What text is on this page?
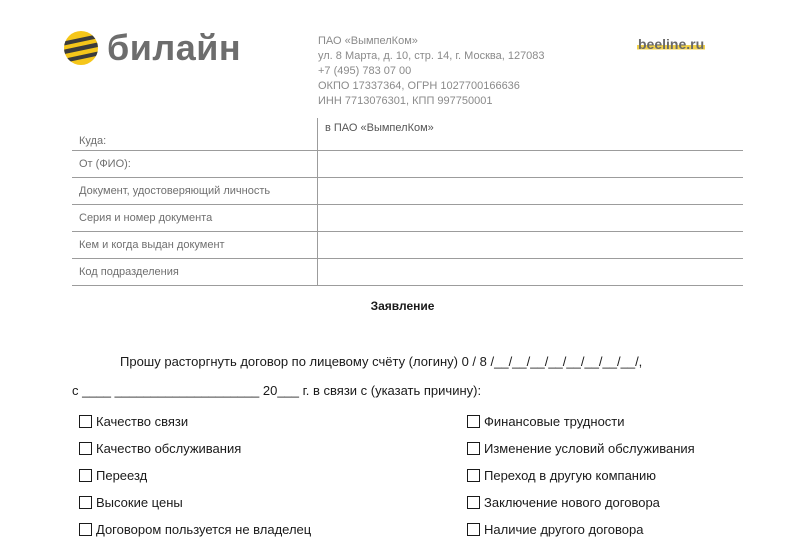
билайн	ПАО «ВымпелКом»
ул. 8 Марта, д. 10, стр. 14, г. Москва, 127083
+7 (495) 783 07 00
ОКПО 17337364, ОГРН 1027700166636
ИНН 7713076301, КПП 997750001
beeline.ru
Куда:	в ПАО «ВымпелКом»
От (ФИО):	
Документ, удостоверяющий личность	
Серия и номер документа	
Кем и когда выдан документ	
Код подразделения	
Заявление
Прошу расторгнуть договор по лицевому счёту (логину) 0 / 8 /__/__/__/__/__/__/__/__/,
с ____ ____________________ 20___ г. в связи с (указать причину):
Качество связи
Качество обслуживания
Переезд
Высокие цены
Договором пользуется не владелец
Финансовые трудности
Изменение условий обслуживания
Переход в другую компанию
Заключение нового договора
Наличие другого договора
